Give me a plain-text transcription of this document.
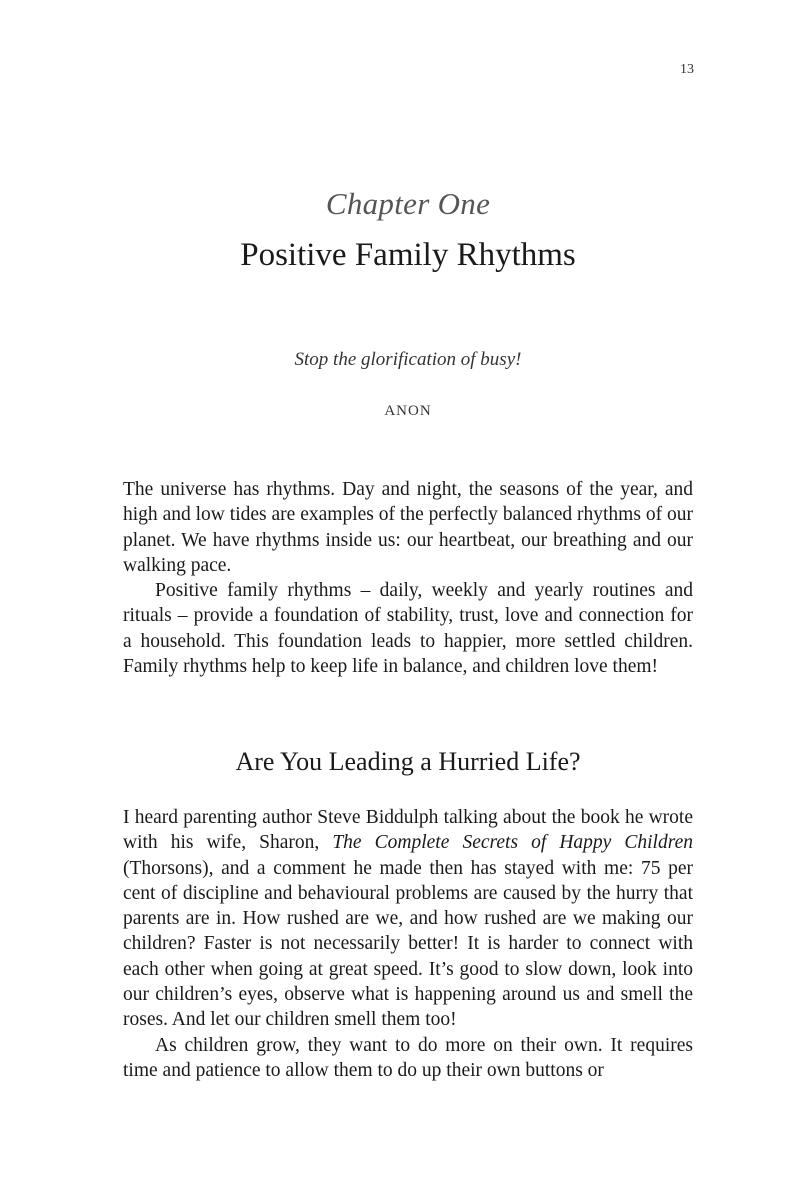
13
Chapter One
Positive Family Rhythms
Stop the glorification of busy!
ANON

The universe has rhythms. Day and night, the seasons of the year, and high and low tides are examples of the perfectly balanced rhythms of our planet. We have rhythms inside us: our heartbeat, our breathing and our walking pace.

Positive family rhythms – daily, weekly and yearly routines and rituals – provide a foundation of stability, trust, love and connection for a household. This foundation leads to happier, more settled children. Family rhythms help to keep life in balance, and children love them!

Are You Leading a Hurried Life?

I heard parenting author Steve Biddulph talking about the book he wrote with his wife, Sharon, The Complete Secrets of Happy Children (Thorsons), and a comment he made then has stayed with me: 75 per cent of discipline and behavioural problems are caused by the hurry that parents are in. How rushed are we, and how rushed are we making our children? Faster is not necessarily better! It is harder to connect with each other when going at great speed. It’s good to slow down, look into our children’s eyes, observe what is happening around us and smell the roses. And let our children smell them too!

As children grow, they want to do more on their own. It requires time and patience to allow them to do up their own buttons or
